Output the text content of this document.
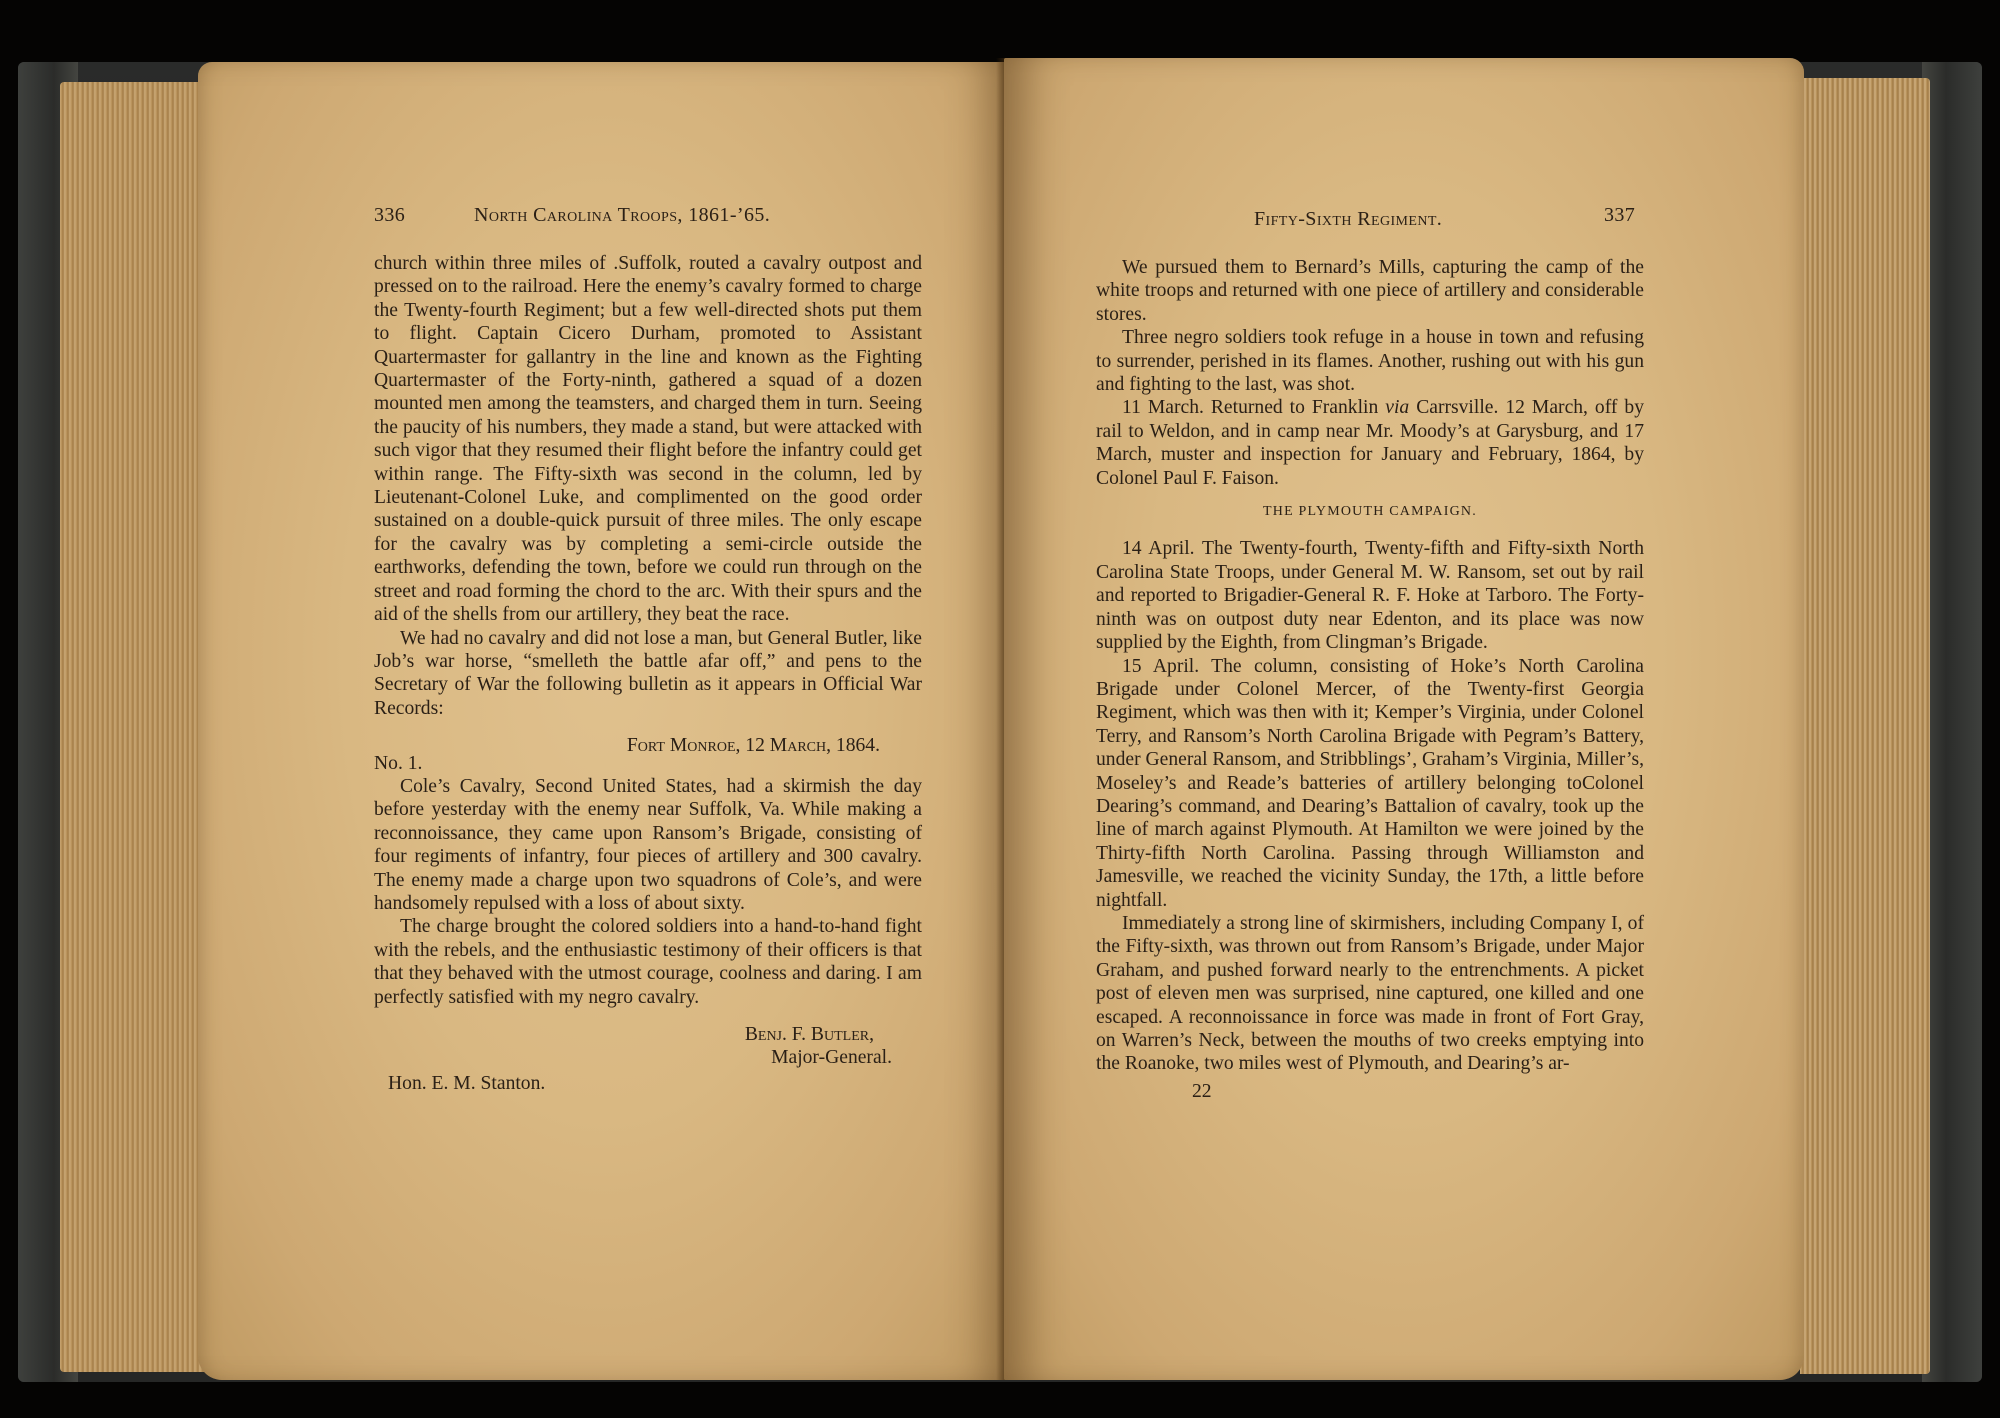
336	North Carolina Troops, 1861-’65.

church within three miles of .Suffolk, routed a cavalry outpost and pressed on to the railroad. Here the enemy’s cavalry formed to charge the Twenty-fourth Regiment; but a few well-directed shots put them to flight. Captain Cicero Durham, promoted to Assistant Quartermaster for gallantry in the line and known as the Fighting Quartermaster of the Forty-ninth, gathered a squad of a dozen mounted men among the teamsters, and charged them in turn. Seeing the paucity of his numbers, they made a stand, but were attacked with such vigor that they resumed their flight before the infantry could get within range. The Fifty-sixth was second in the column, led by Lieutenant-Colonel Luke, and complimented on the good order sustained on a double-quick pursuit of three miles. The only escape for the cavalry was by completing a semi-circle outside the earthworks, defending the town, before we could run through on the street and road forming the chord to the arc. With their spurs and the aid of the shells from our artillery, they beat the race.

We had no cavalry and did not lose a man, but General Butler, like Job’s war horse, “smelleth the battle afar off,” and pens to the Secretary of War the following bulletin as it appears in Official War Records:

Fort Monroe, 12 March, 1864.

No. 1.

Cole’s Cavalry, Second United States, had a skirmish the day before yesterday with the enemy near Suffolk, Va. While making a reconnoissance, they came upon Ransom’s Brigade, consisting of four regiments of infantry, four pieces of artillery and 300 cavalry. The enemy made a charge upon two squadrons of Cole’s, and were handsomely repulsed with a loss of about sixty.

The charge brought the colored soldiers into a hand-to-hand fight with the rebels, and the enthusiastic testimony of their officers is that that they behaved with the utmost courage, coolness and daring. I am perfectly satisfied with my negro cavalry.

Benj. F. Butler,

Major-General.

Hon. E. M. Stanton.

Fifty-Sixth Regiment.	337

We pursued them to Bernard’s Mills, capturing the camp of the white troops and returned with one piece of artillery and considerable stores.

Three negro soldiers took refuge in a house in town and refusing to surrender, perished in its flames. Another, rushing out with his gun and fighting to the last, was shot.

11 March. Returned to Franklin via Carrsville. 12 March, off by rail to Weldon, and in camp near Mr. Moody’s at Garysburg, and 17 March, muster and inspection for January and February, 1864, by Colonel Paul F. Faison.

THE PLYMOUTH CAMPAIGN.

14 April. The Twenty-fourth, Twenty-fifth and Fifty-sixth North Carolina State Troops, under General M. W. Ransom, set out by rail and reported to Brigadier-General R. F. Hoke at Tarboro. The Forty-ninth was on outpost duty near Edenton, and its place was now supplied by the Eighth, from Clingman’s Brigade.

15 April. The column, consisting of Hoke’s North Carolina Brigade under Colonel Mercer, of the Twenty-first Georgia Regiment, which was then with it; Kemper’s Virginia, under Colonel Terry, and Ransom’s North Carolina Brigade with Pegram’s Battery, under General Ransom, and Stribblings’, Graham’s Virginia, Miller’s, Moseley’s and Reade’s batteries of artillery belonging toColonel Dearing’s command, and Dearing’s Battalion of cavalry, took up the line of march against Plymouth. At Hamilton we were joined by the Thirty-fifth North Carolina. Passing through Williamston and Jamesville, we reached the vicinity Sunday, the 17th, a little before nightfall.

Immediately a strong line of skirmishers, including Company I, of the Fifty-sixth, was thrown out from Ransom’s Brigade, under Major Graham, and pushed forward nearly to the entrenchments. A picket post of eleven men was surprised, nine captured, one killed and one escaped. A reconnoissance in force was made in front of Fort Gray, on Warren’s Neck, between the mouths of two creeks emptying into the Roanoke, two miles west of Plymouth, and Dearing’s ar-

22
